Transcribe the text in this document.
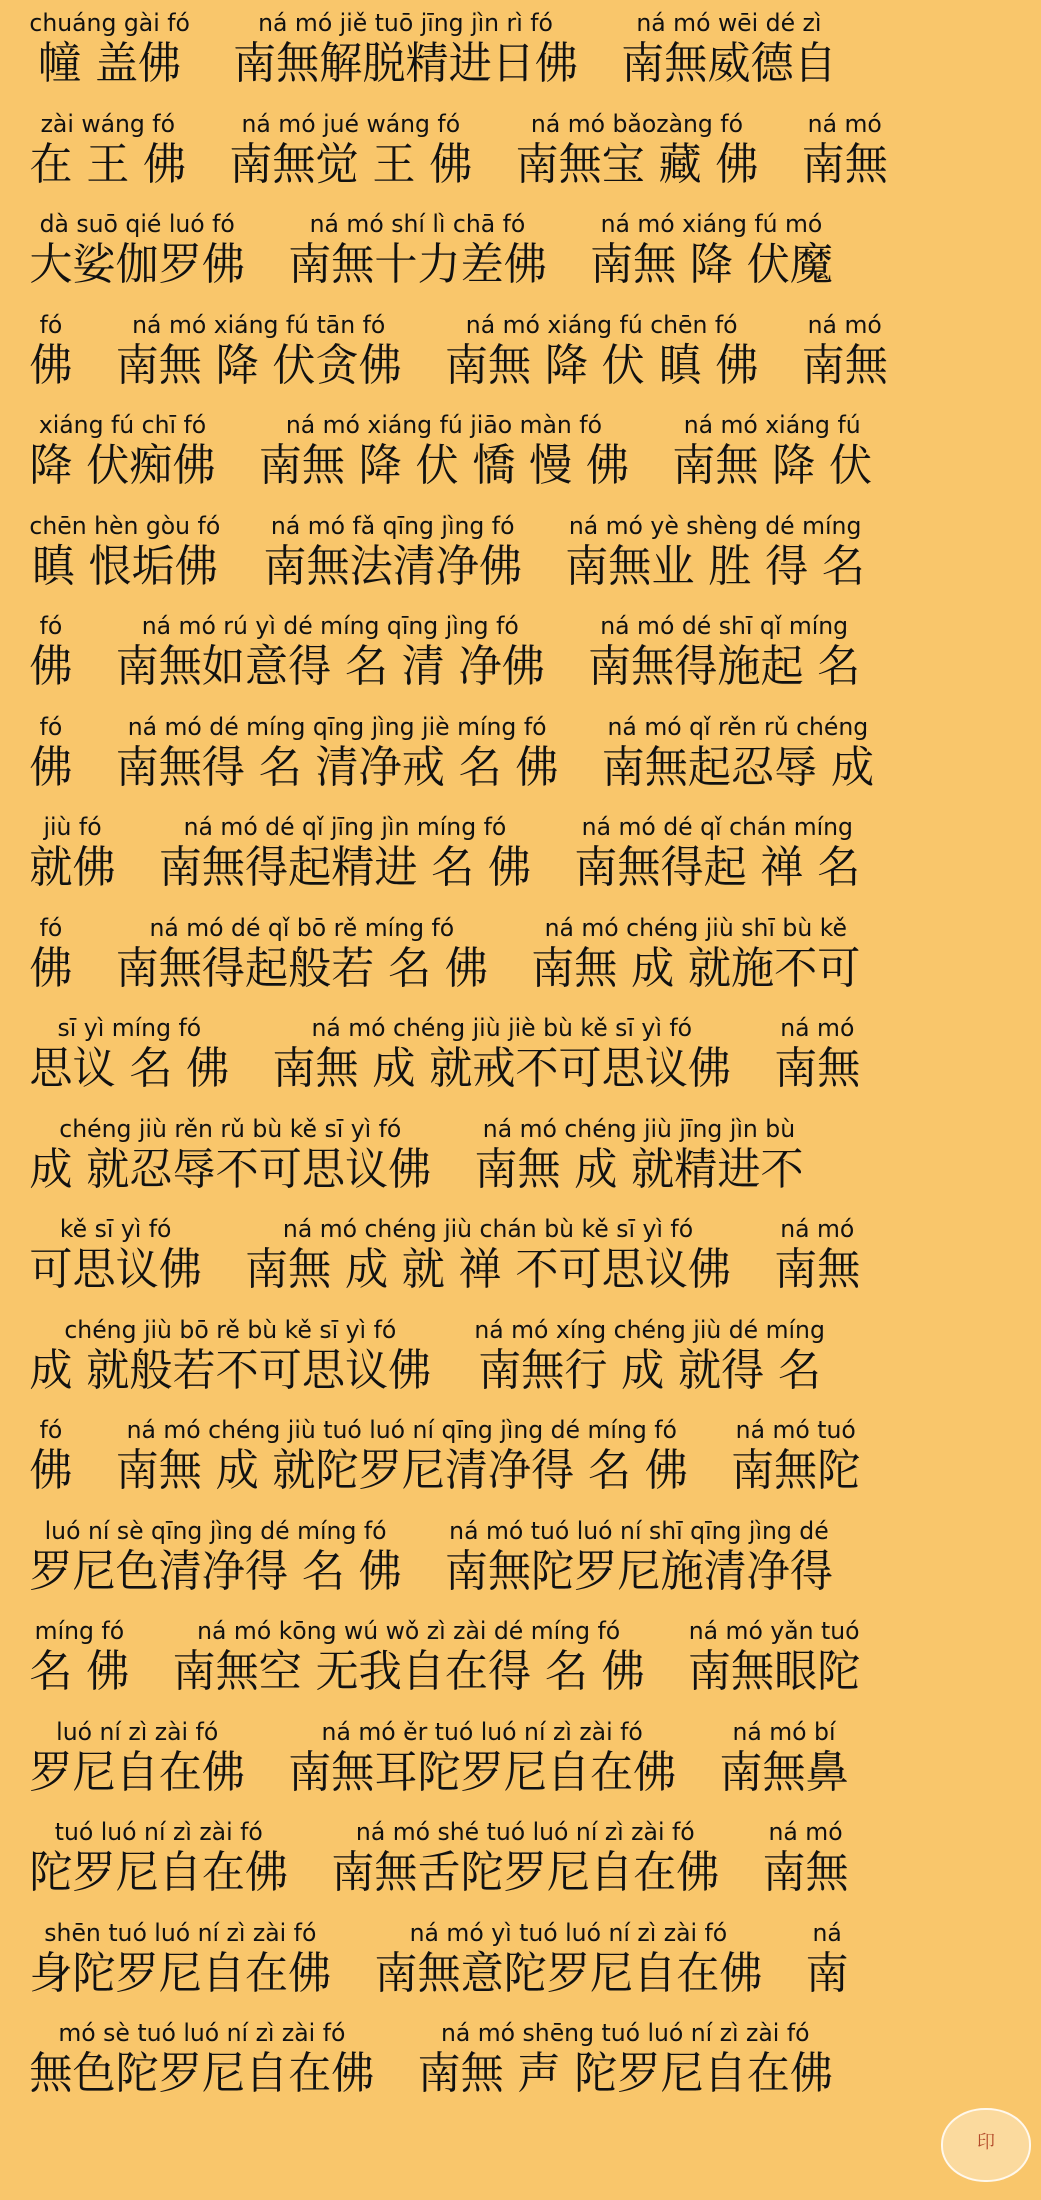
chuáng gài fó
幢 盖佛
ná mó jiě tuō jīng jìn rì fó
南無解脱精进日佛
ná mó wēi dé zì
南無威德自
zài wáng fó
在 王 佛
ná mó jué wáng fó
南無觉 王 佛
ná mó bǎozàng fó
南無宝 藏 佛
ná mó
南無
dà suō qié luó fó
大娑伽罗佛
ná mó shí lì chā fó
南無十力差佛
ná mó xiáng fú mó
南無 降 伏魔
fó
佛
ná mó xiáng fú tān fó
南無 降 伏贪佛
ná mó xiáng fú chēn fó
南無 降 伏 瞋 佛
ná mó
南無
xiáng fú chī fó
降 伏痴佛
ná mó xiáng fú jiāo màn fó
南無 降 伏 憍 慢 佛
ná mó xiáng fú
南無 降 伏
chēn hèn gòu fó
瞋 恨垢佛
ná mó fǎ qīng jìng fó
南無法清净佛
ná mó yè shèng dé míng
南無业 胜 得 名
fó
佛
ná mó rú yì dé míng qīng jìng fó
南無如意得 名 清 净佛
ná mó dé shī qǐ míng
南無得施起 名
fó
佛
ná mó dé míng qīng jìng jiè míng fó
南無得 名 清净戒 名 佛
ná mó qǐ rěn rǔ chéng
南無起忍辱 成
jiù fó
就佛
ná mó dé qǐ jīng jìn míng fó
南無得起精进 名 佛
ná mó dé qǐ chán míng
南無得起 禅 名
fó
佛
ná mó dé qǐ bō rě míng fó
南無得起般若 名 佛
ná mó chéng jiù shī bù kě
南無 成 就施不可
sī yì míng fó
思议 名 佛
ná mó chéng jiù jiè bù kě sī yì fó
南無 成 就戒不可思议佛
ná mó
南無
chéng jiù rěn rǔ bù kě sī yì fó
成 就忍辱不可思议佛
ná mó chéng jiù jīng jìn bù
南無 成 就精进不
kě sī yì fó
可思议佛
ná mó chéng jiù chán bù kě sī yì fó
南無 成 就 禅 不可思议佛
ná mó
南無
chéng jiù bō rě bù kě sī yì fó
成 就般若不可思议佛
ná mó xíng chéng jiù dé míng
南無行 成 就得 名
fó
佛
ná mó chéng jiù tuó luó ní qīng jìng dé míng fó
南無 成 就陀罗尼清净得 名 佛
ná mó tuó
南無陀
luó ní sè qīng jìng dé míng fó
罗尼色清净得 名 佛
ná mó tuó luó ní shī qīng jìng dé
南無陀罗尼施清净得
míng fó
名 佛
ná mó kōng wú wǒ zì zài dé míng fó
南無空 无我自在得 名 佛
ná mó yǎn tuó
南無眼陀
luó ní zì zài fó
罗尼自在佛
ná mó ěr tuó luó ní zì zài fó
南無耳陀罗尼自在佛
ná mó bí
南無鼻
tuó luó ní zì zài fó
陀罗尼自在佛
ná mó shé tuó luó ní zì zài fó
南無舌陀罗尼自在佛
ná mó
南無
shēn tuó luó ní zì zài fó
身陀罗尼自在佛
ná mó yì tuó luó ní zì zài fó
南無意陀罗尼自在佛
ná
南
mó sè tuó luó ní zì zài fó
無色陀罗尼自在佛
ná mó shēng tuó luó ní zì zài fó
南無 声 陀罗尼自在佛
印
